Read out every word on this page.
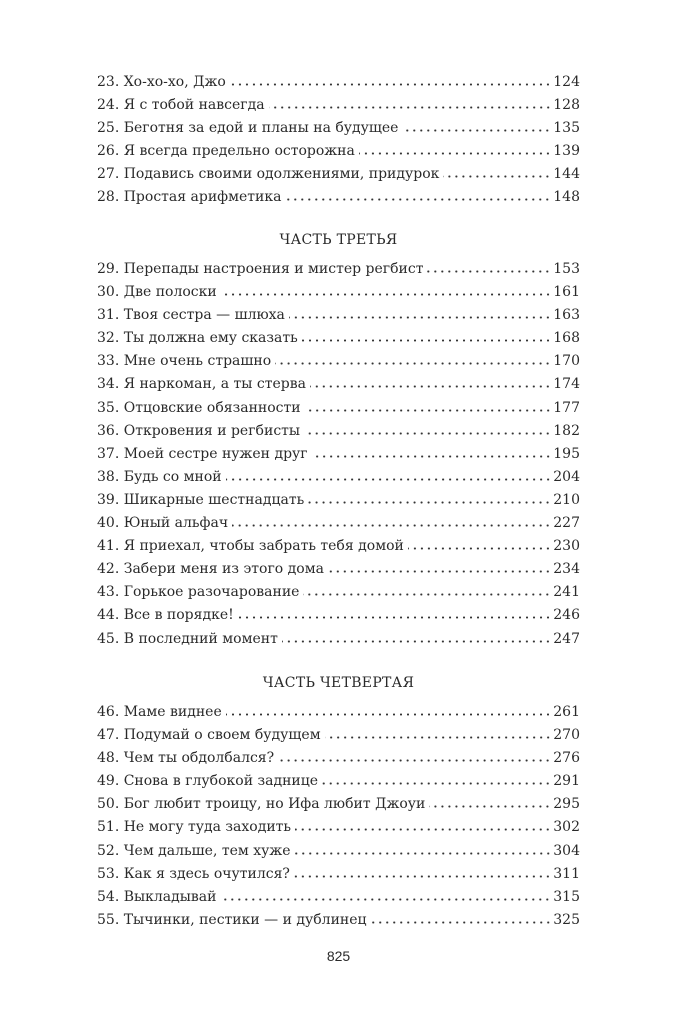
23. Хо-хо-хо, Джо	124
24. Я с тобой навсегда	128
25. Беготня за едой и планы на будущее	135
26. Я всегда предельно осторожна	139
27. Подавись своими одолжениями, придурок	144
28. Простая арифметика	148
ЧАСТЬ ТРЕТЬЯ
29. Перепады настроения и мистер регбист	153
30. Две полоски	161
31. Твоя сестра — шлюха	163
32. Ты должна ему сказать	168
33. Мне очень страшно	170
34. Я наркоман, а ты стерва	174
35. Отцовские обязанности	177
36. Откровения и регбисты	182
37. Моей сестре нужен друг	195
38. Будь со мной	204
39. Шикарные шестнадцать	210
40. Юный альфач	227
41. Я приехал, чтобы забрать тебя домой	230
42. Забери меня из этого дома	234
43. Горькое разочарование	241
44. Все в порядке!	246
45. В последний момент	247
ЧАСТЬ ЧЕТВЕРТАЯ
46. Маме виднее	261
47. Подумай о своем будущем	270
48. Чем ты обдолбался?	276
49. Снова в глубокой заднице	291
50. Бог любит троицу, но Ифа любит Джоуи	295
51. Не могу туда заходить	302
52. Чем дальше, тем хуже	304
53. Как я здесь очутился?	311
54. Выкладывай	315
55. Тычинки, пестики — и дублинец	325
825
